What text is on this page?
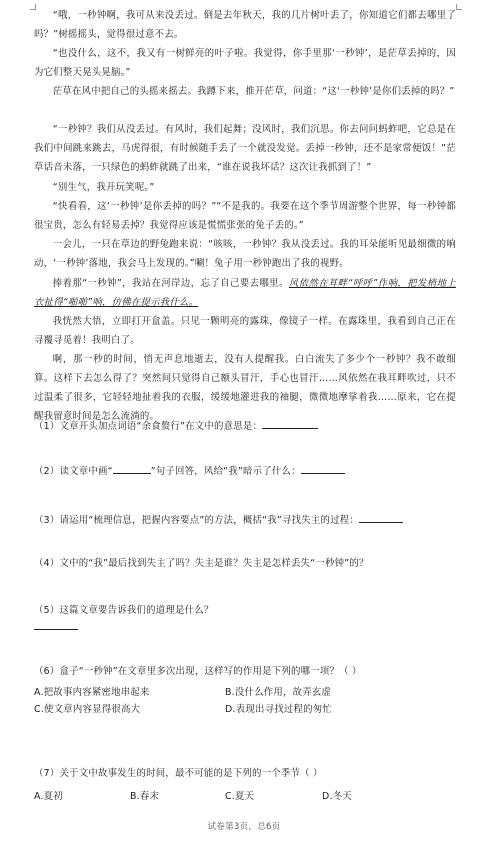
“哦，一秒钟啊，我可从来没丢过。倒是去年秋天，我的几片树叶丢了，你知道它们都去哪里了吗？”树摇摇头，觉得很过意不去。

“也没什么，这不，我又有一树鲜亮的叶子啦。我觉得，你手里那‘一秒钟’，是茫草丢掉的，因为它们整天晃头晃脑。”

茫草在风中把自己的头摇来摇去。我蹲下来，推开茫草，问道：“这‘一秒钟’是你们丢掉的吗？”

“一秒钟？我们从没丢过。有风时，我们起舞；没风时，我们沉思。你去问问蚂蚱吧，它总是在我们中间跳来跳去，马虎得很，有时候随手丢了一个就没发觉。丢掉一秒钟，还不是家常便饭！”茫草话音未落，一只绿色的蚂蚱就跳了出来，“谁在说我坏话？这次让我抓到了！”

“别生气，我开玩笑呢。”

“快看看，这‘一秒钟’是你丢掉的吗？”“不是我的。我要在这个季节周游整个世界，每一秒钟都很宝贵，怎么有轻易丢掉？我觉得应该是慌慌张张的兔子丢的。”

一会儿，一只在草边的野兔跑来说：“咳咳，一秒钟？我从没丢过。我的耳朵能听见最细微的响动，‘一秒钟’落地，我会马上发现的。”唰！兔子用一秒钟跑出了我的视野。

捧着那“一秒钟”，我站在河岸边，忘了自己要去哪里。风依然在耳畔“呼呼”作响，把发梢地上衣扯得“啪啪”响，仿佛在提示我什么。

我恍然大悟，立即打开盒盖。只见一颗明亮的露珠，像镜子一样。在露珠里，我看到自己正在寻覆寻觅着！我明白了。

啊，那一秒的时间，悄无声息地逝去，没有人提醒我。白白流失了多少个一秒钟？我不敢细算。这样下去怎么得了？突然间只觉得自己额头冒汗，手心也冒汗……风依然在我耳畔吹过，只不过温柔了很多，它轻轻地扯着我的衣服，缓缓地灌进我的袖腿，微微地摩挲着我……原来，它在提醒我留意时间是怎么流淌的。

（1）文章开头加点词语“余食赘行”在文中的意思是：

（2）读文章中画“	”句子回答，风给“我”暗示了什么：

（3）请运用“梳理信息，把握内容要点”的方法，概括“我”寻找失主的过程：

（4）文中的“我”最后找到失主了吗？失主是谁？失主是怎样丢失“一秒钟”的？

（5）这篇文章要告诉我们的道理是什么？

（6）盒子“一秒钟”在文章里多次出现，这样写的作用是下列的哪一项？（ ）

A.把故事内容紧密地串起来	B.没什么作用，故弄玄虚
C.使文章内容显得很高大	D.表现出寻找过程的匆忙

（7）关于文中故事发生的时间，最不可能的是下列的一个季节（ ）

A.夏初	B.春末	C.夏天	D.冬天
试卷第3页，总6页
